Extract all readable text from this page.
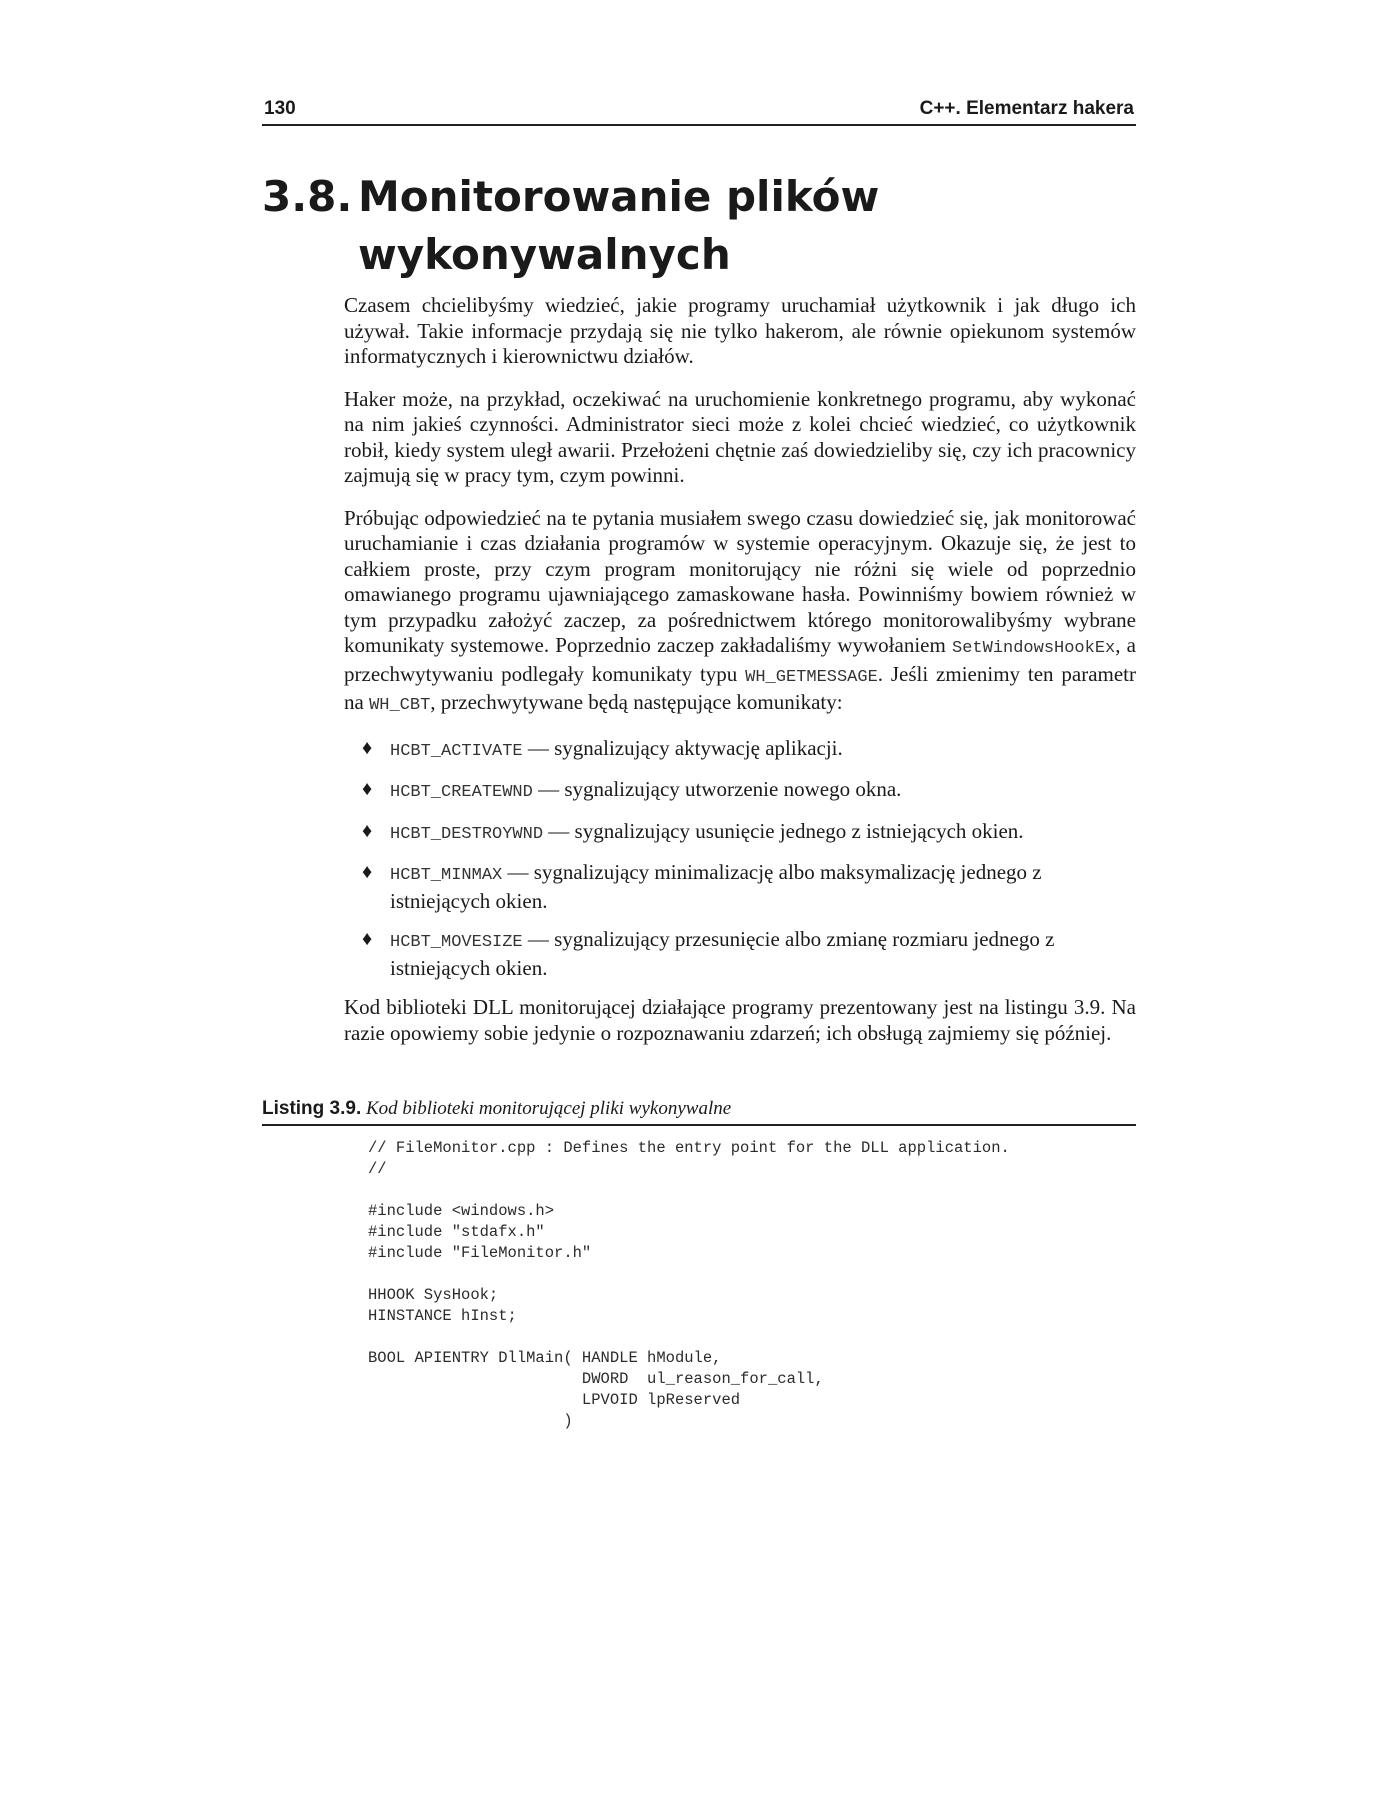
130	C++. Elementarz hakera
3.8. Monitorowanie plików
wykonywalnych

Czasem chcielibyśmy wiedzieć, jakie programy uruchamiał użytkownik i jak długo ich używał. Takie informacje przydają się nie tylko hakerom, ale równie opiekunom systemów informatycznych i kierownictwu działów.

Haker może, na przykład, oczekiwać na uruchomienie konkretnego programu, aby wykonać na nim jakieś czynności. Administrator sieci może z kolei chcieć wiedzieć, co użytkownik robił, kiedy system uległ awarii. Przełożeni chętnie zaś dowiedzieliby się, czy ich pracownicy zajmują się w pracy tym, czym powinni.

Próbując odpowiedzieć na te pytania musiałem swego czasu dowiedzieć się, jak monitorować uruchamianie i czas działania programów w systemie operacyjnym. Okazuje się, że jest to całkiem proste, przy czym program monitorujący nie różni się wiele od poprzednio omawianego programu ujawniającego zamaskowane hasła. Powinniśmy bowiem również w tym przypadku założyć zaczep, za pośrednictwem którego monitorowalibyśmy wybrane komunikaty systemowe. Poprzednio zaczep zakładaliśmy wywołaniem SetWindowsHookEx, a przechwytywaniu podlegały komunikaty typu WH_GETMESSAGE. Jeśli zmienimy ten parametr na WH_CBT, przechwytywane będą następujące komunikaty:

♦ HCBT_ACTIVATE — sygnalizujący aktywację aplikacji.
♦ HCBT_CREATEWND — sygnalizujący utworzenie nowego okna.
♦ HCBT_DESTROYWND — sygnalizujący usunięcie jednego z istniejących okien.
♦ HCBT_MINMAX — sygnalizujący minimalizację albo maksymalizację jednego z istniejących okien.
♦ HCBT_MOVESIZE — sygnalizujący przesunięcie albo zmianę rozmiaru jednego z istniejących okien.

Kod biblioteki DLL monitorującej działające programy prezentowany jest na listingu 3.9. Na razie opowiemy sobie jedynie o rozpoznawaniu zdarzeń; ich obsługą zajmiemy się później.

Listing 3.9. Kod biblioteki monitorującej pliki wykonywalne
// FileMonitor.cpp : Defines the entry point for the DLL application.
//
#include <windows.h>
#include "stdafx.h"
#include "FileMonitor.h"
HHOOK SysHook;
HINSTANCE hInst;
BOOL APIENTRY DllMain( HANDLE hModule,
DWORD  ul_reason_for_call,
LPVOID lpReserved
)
